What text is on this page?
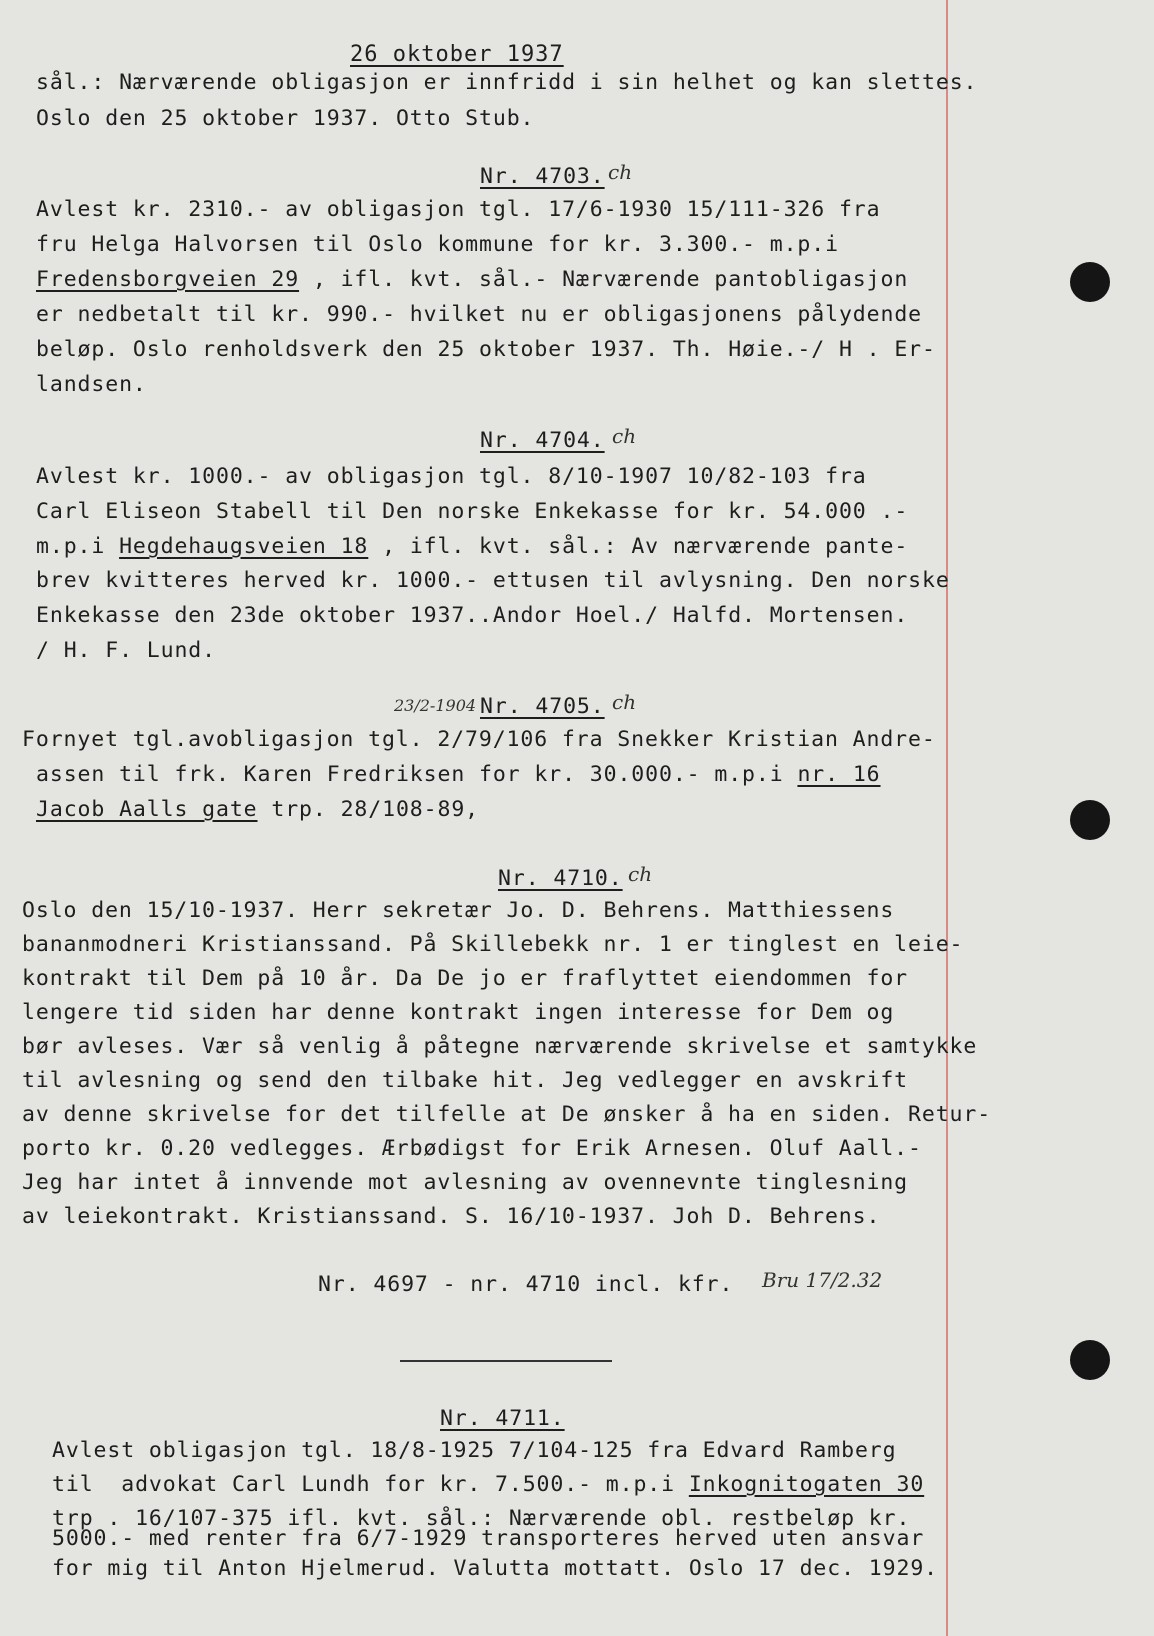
26 oktober 1937
sål.: Nærværende obligasjon er innfridd i sin helhet og kan slettes.
Oslo den 25 oktober 1937. Otto Stub.
Nr. 4703. ch
Avlest kr. 2310.- av obligasjon tgl. 17/6-1930 15/111-326 fra
fru Helga Halvorsen til Oslo kommune for kr. 3.300.- m.p.i
Fredensborgveien 29 , ifl. kvt. sål.- Nærværende pantobligasjon
er nedbetalt til kr. 990.- hvilket nu er obligasjonens pålydende
beløp. Oslo renholdsverk den 25 oktober 1937. Th. Høie.-/ H . Er-
landsen.
Nr. 4704. ch
Avlest kr. 1000.- av obligasjon tgl. 8/10-1907 10/82-103 fra
Carl Eliseon Stabell til Den norske Enkekasse for kr. 54.000 .-
m.p.i Hegdehaugsveien 18 , ifl. kvt. sål.: Av nærværende pante-
brev kvitteres herved kr. 1000.- ettusen til avlysning. Den norske
Enkekasse den 23de oktober 1937..Andor Hoel./ Halfd. Mortensen.
/ H. F. Lund.
23/2-1904 Nr. 4705. ch
Fornyet tgl.avobligasjon tgl. 2/79/106 fra Snekker Kristian Andre-
assen til frk. Karen Fredriksen for kr. 30.000.- m.p.i nr. 16
Jacob Aalls gate trp. 28/108-89,
Nr. 4710. ch
Oslo den 15/10-1937. Herr sekretær Jo. D. Behrens. Matthiessens
bananmodneri Kristianssand. På Skillebekk nr. 1 er tinglest en leie-
kontrakt til Dem på 10 år. Da De jo er fraflyttet eiendommen for
lengere tid siden har denne kontrakt ingen interesse for Dem og
bør avleses. Vær så venlig å påtegne nærværende skrivelse et samtykke
til avlesning og send den tilbake hit. Jeg vedlegger en avskrift
av denne skrivelse for det tilfelle at De ønsker å ha en siden. Retur-
porto kr. 0.20 vedlegges. Ærbødigst for Erik Arnesen. Oluf Aall.-
Jeg har intet å innvende mot avlesning av ovennevnte tinglesning
av leiekontrakt. Kristianssand. S. 16/10-1937. Joh D. Behrens.
Nr. 4697 - nr. 4710 incl. kfr. Bru 17/2.32
Nr. 4711.
Avlest obligasjon tgl. 18/8-1925 7/104-125 fra Edvard Ramberg
til  advokat Carl Lundh for kr. 7.500.- m.p.i Inkognitogaten 30
trp . 16/107-375 ifl. kvt. sål.: Nærværende obl. restbeløp kr.
5000.- med renter fra 6/7-1929 transporteres herved uten ansvar
for mig til Anton Hjelmerud. Valutta mottatt. Oslo 17 dec. 1929.
